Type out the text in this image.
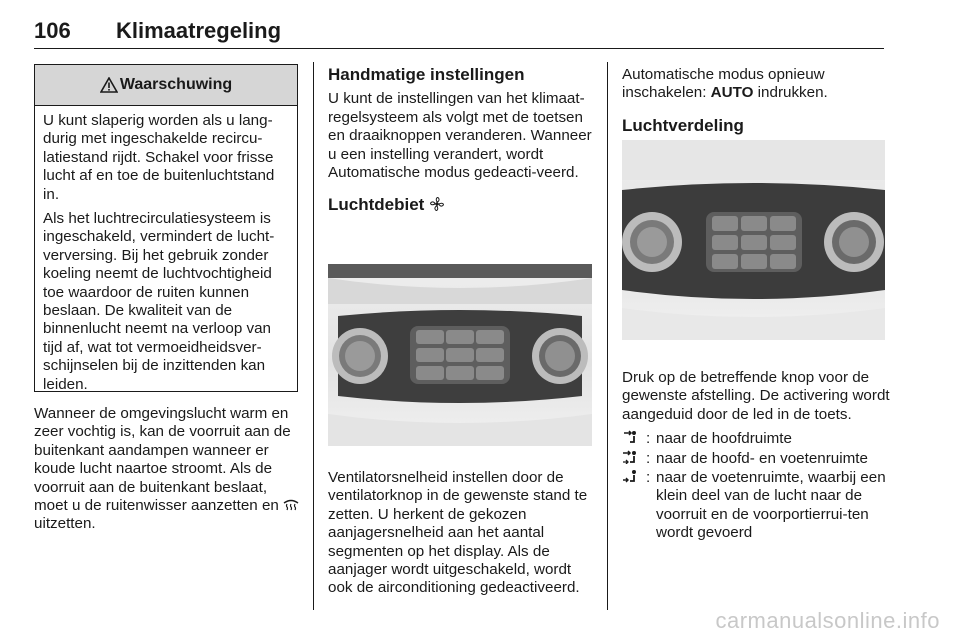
106 Klimaatregeling
Waarschuwing

U kunt slaperig worden als u lang-durig met ingeschakelde recircu-latiestand rijdt. Schakel voor frisse lucht af en toe de buitenluchtstand in.

Als het luchtrecirculatiesysteem is ingeschakeld, vermindert de lucht-verversing. Bij het gebruik zonder koeling neemt de luchtvochtigheid toe waardoor de ruiten kunnen beslaan. De kwaliteit van de binnenlucht neemt na verloop van tijd af, wat tot vermoeidheidsver-schijnselen bij de inzittenden kan leiden.

Wanneer de omgevingslucht warm en zeer vochtig is, kan de voorruit aan de buitenkant aandampen wanneer er koude lucht naartoe stroomt. Als de voorruit aan de buitenkant beslaat, moet u de ruitenwisser aanzetten en  uitzetten.

Handmatige instellingen

U kunt de instellingen van het klimaat-regelsysteem als volgt met de toetsen en draaiknoppen veranderen. Wanneer u een instelling verandert, wordt Automatische modus gedeacti-veerd.

Luchtdebiet

Ventilatorsnelheid instellen door de ventilatorknop in de gewenste stand te zetten. U herkent de gekozen aanjagersnelheid aan het aantal segmenten op het display. Als de aanjager wordt uitgeschakeld, wordt ook de airconditioning gedeactiveerd.

Automatische modus opnieuw inschakelen: AUTO indrukken.

Luchtverdeling

Druk op de betreffende knop voor de gewenste afstelling. De activering wordt aangeduid door de led in de toets.

: naar de hoofdruimte
: naar de hoofd- en voetenruimte
: naar de voetenruimte, waarbij een klein deel van de lucht naar de voorruit en de voorportierrui-ten wordt gevoerd
carmanualsonline.info
